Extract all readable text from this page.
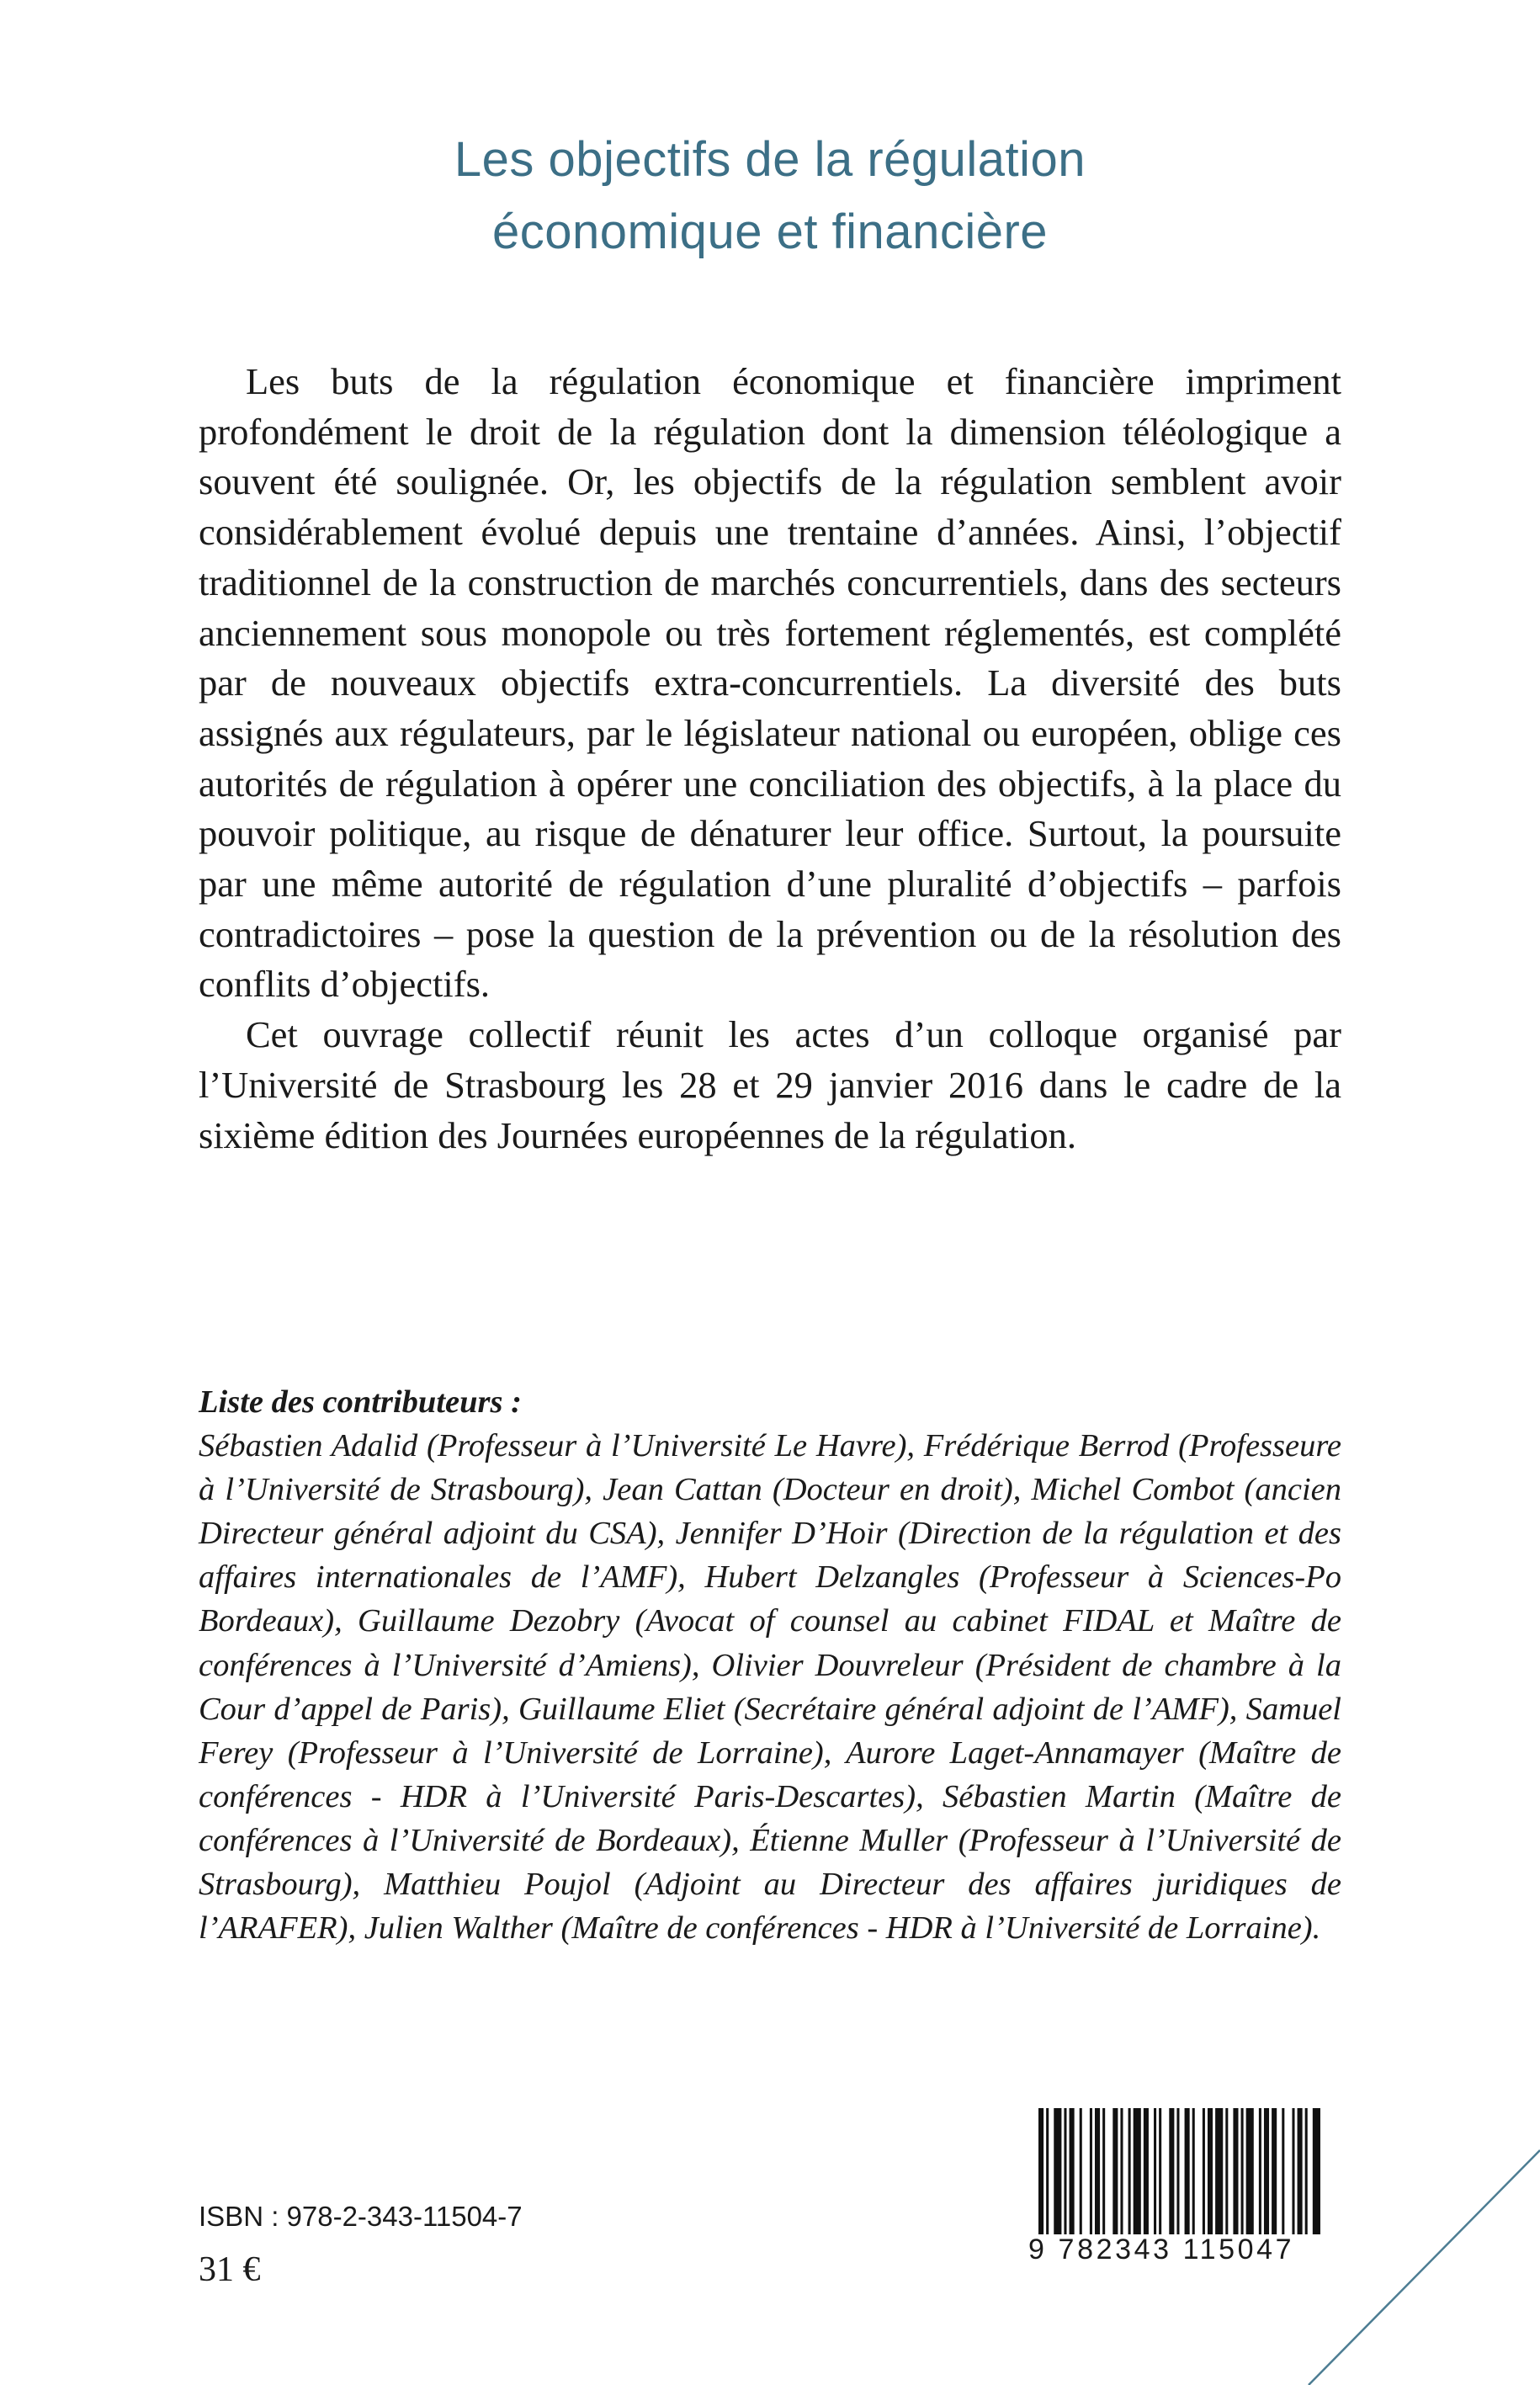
Les objectifs de la régulation
économique et financière

Les buts de la régulation économique et financière impriment profondément le droit de la régulation dont la dimension téléologique a souvent été soulignée. Or, les objectifs de la régulation semblent avoir considérablement évolué depuis une trentaine d’années. Ainsi, l’objectif traditionnel de la construction de marchés concurrentiels, dans des secteurs anciennement sous monopole ou très fortement réglementés, est complété par de nouveaux objectifs extra-concurrentiels. La diversité des buts assignés aux régulateurs, par le législateur national ou européen, oblige ces autorités de régulation à opérer une conciliation des objectifs, à la place du pouvoir politique, au risque de dénaturer leur office. Surtout, la poursuite par une même autorité de régulation d’une pluralité d’objectifs – parfois contradictoires – pose la question de la prévention ou de la résolution des conflits d’objectifs.

Cet ouvrage collectif réunit les actes d’un colloque organisé par l’Université de Strasbourg les 28 et 29 janvier 2016 dans le cadre de la sixième édition des Journées européennes de la régulation.

Liste des contributeurs :
Sébastien Adalid (Professeur à l’Université Le Havre), Frédérique Berrod (Professeure à l’Université de Strasbourg), Jean Cattan (Docteur en droit), Michel Combot (ancien Directeur général adjoint du CSA), Jennifer D’Hoir (Direction de la régulation et des affaires internationales de l’AMF), Hubert Delzangles (Professeur à Sciences-Po Bordeaux), Guillaume Dezobry (Avocat of counsel au cabinet FIDAL et Maître de conférences à l’Université d’Amiens), Olivier Douvreleur (Président de chambre à la Cour d’appel de Paris), Guillaume Eliet (Secrétaire général adjoint de l’AMF), Samuel Ferey (Professeur à l’Université de Lorraine), Aurore Laget-Annamayer (Maître de conférences - HDR à l’Université Paris-Descartes), Sébastien Martin (Maître de conférences à l’Université de Bordeaux), Étienne Muller (Professeur à l’Université de Strasbourg), Matthieu Poujol (Adjoint au Directeur des affaires juridiques de l’ARAFER), Julien Walther (Maître de conférences - HDR à l’Université de Lorraine).
ISBN : 978-2-343-11504-7
31 €
9 782343 115047
